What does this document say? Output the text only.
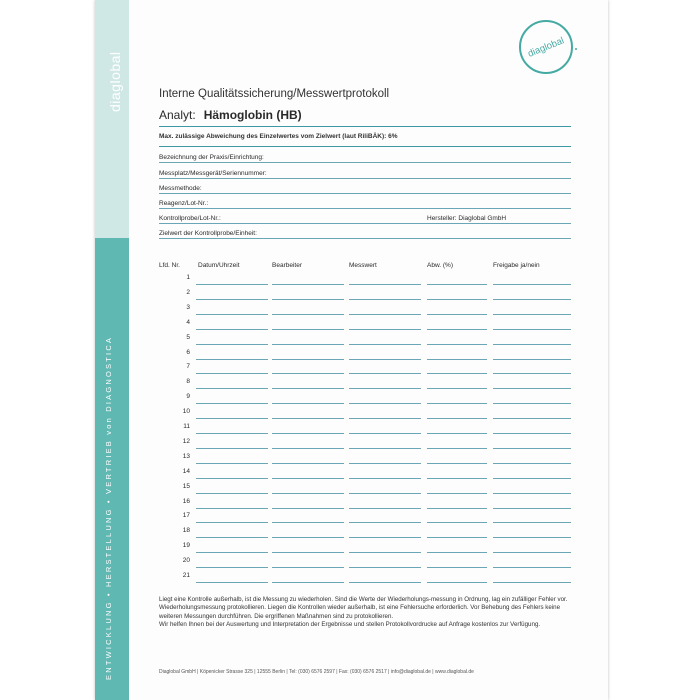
diaglobal
ENTWICKLUNG • HERSTELLUNG • VERTRIEB von DIAGNOSTICA
diaglobal
Interne Qualitätssicherung/Messwertprotokoll
Analyt: Hämoglobin (HB)
Max. zulässige Abweichung des Einzelwertes vom Zielwert (laut RiliBÄK): 6%
Bezeichnung der Praxis/Einrichtung:
Messplatz/Messgerät/Seriennummer:
Messmethode:
Reagenz/Lot-Nr.:
Kontrollprobe/Lot-Nr.:	Hersteller: Diaglobal GmbH
Zielwert der Kontrollprobe/Einheit:
Lfd. Nr.	Datum/Uhrzeit	Bearbeiter	Messwert	Abw. (%)	Freigabe ja/nein
1
2
3
4
5
6
7
8
9
10
11
12
13
14
15
16
17
18
19
20
21

Liegt eine Kontrolle außerhalb, ist die Messung zu wiederholen. Sind die Werte der Wiederholungs-messung in Ordnung, lag ein zufälliger Fehler vor. Wiederholungsmessung protokollieren. Liegen die Kontrollen wieder außerhalb, ist eine Fehlersuche erforderlich. Vor Behebung des Fehlers keine weiteren Messungen durchführen. Die ergriffenen Maßnahmen sind zu protokollieren.

Wir helfen Ihnen bei der Auswertung und Interpretation der Ergebnisse und stellen Protokollvordrucke auf Anfrage kostenlos zur Verfügung.

Diaglobal GmbH | Köpenicker Strasse 325 | 12555 Berlin | Tel: (030) 6576 2597 | Fax: (030) 6576 2517 | info@diaglobal.de | www.diaglobal.de
